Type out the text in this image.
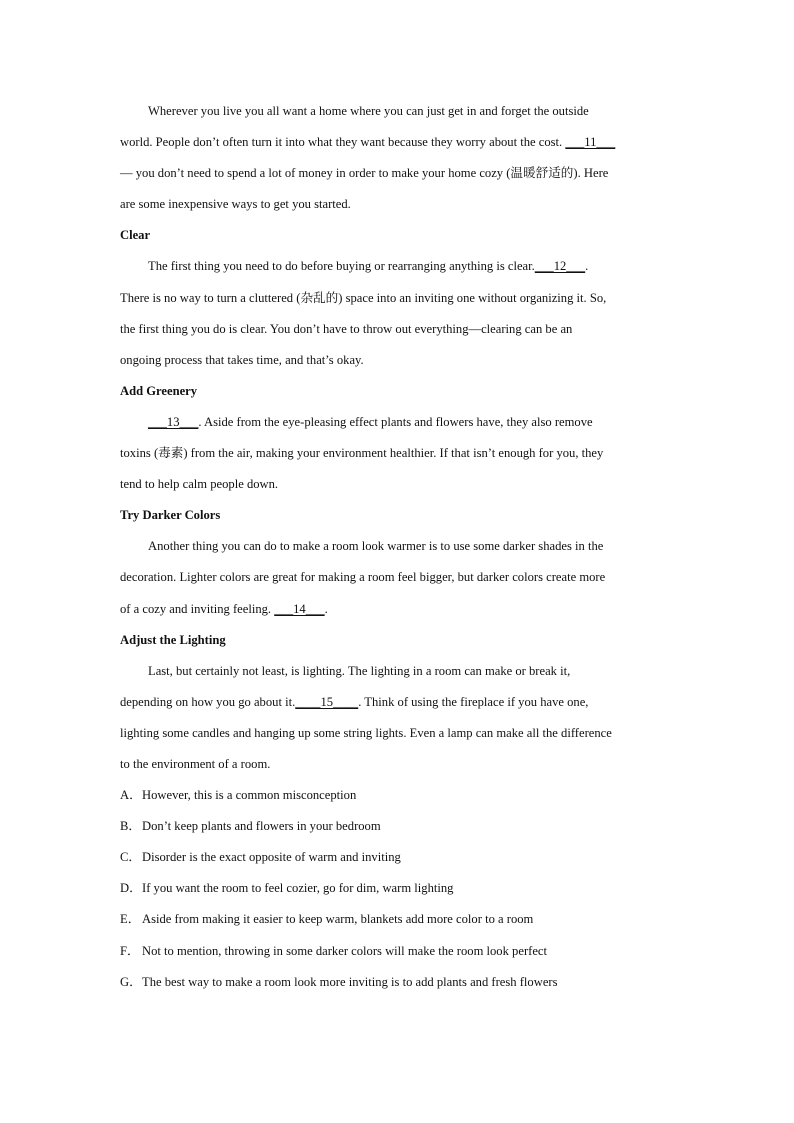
Wherever you live you all want a home where you can just get in and forget the outside
world. People don’t often turn it into what they want because they worry about the cost. ___11___
— you don’t need to spend a lot of money in order to make your home cozy (温暖舒适的). Here
are some inexpensive ways to get you started.
Clear
The first thing you need to do before buying or rearranging anything is clear.___12___.
There is no way to turn a cluttered (杂乱的) space into an inviting one without organizing it. So,
the first thing you do is clear. You don’t have to throw out everything—clearing can be an
ongoing process that takes time, and that’s okay.
Add Greenery
___13___. Aside from the eye-pleasing effect plants and flowers have, they also remove
toxins (毒素) from the air, making your environment healthier. If that isn’t enough for you, they
tend to help calm people down.
Try Darker Colors
Another thing you can do to make a room look warmer is to use some darker shades in the
decoration. Lighter colors are great for making a room feel bigger, but darker colors create more
of a cozy and inviting feeling. ___14___.
Adjust the Lighting
Last, but certainly not least, is lighting. The lighting in a room can make or break it,
depending on how you go about it.____15____. Think of using the fireplace if you have one,
lighting some candles and hanging up some string lights. Even a lamp can make all the difference
to the environment of a room.
A．However, this is a common misconception
B．Don’t keep plants and flowers in your bedroom
C．Disorder is the exact opposite of warm and inviting
D．If you want the room to feel cozier, go for dim, warm lighting
E． Aside from making it easier to keep warm, blankets add more color to a room
F． Not to mention, throwing in some darker colors will make the room look perfect
G．The best way to make a room look more inviting is to add plants and fresh flowers
